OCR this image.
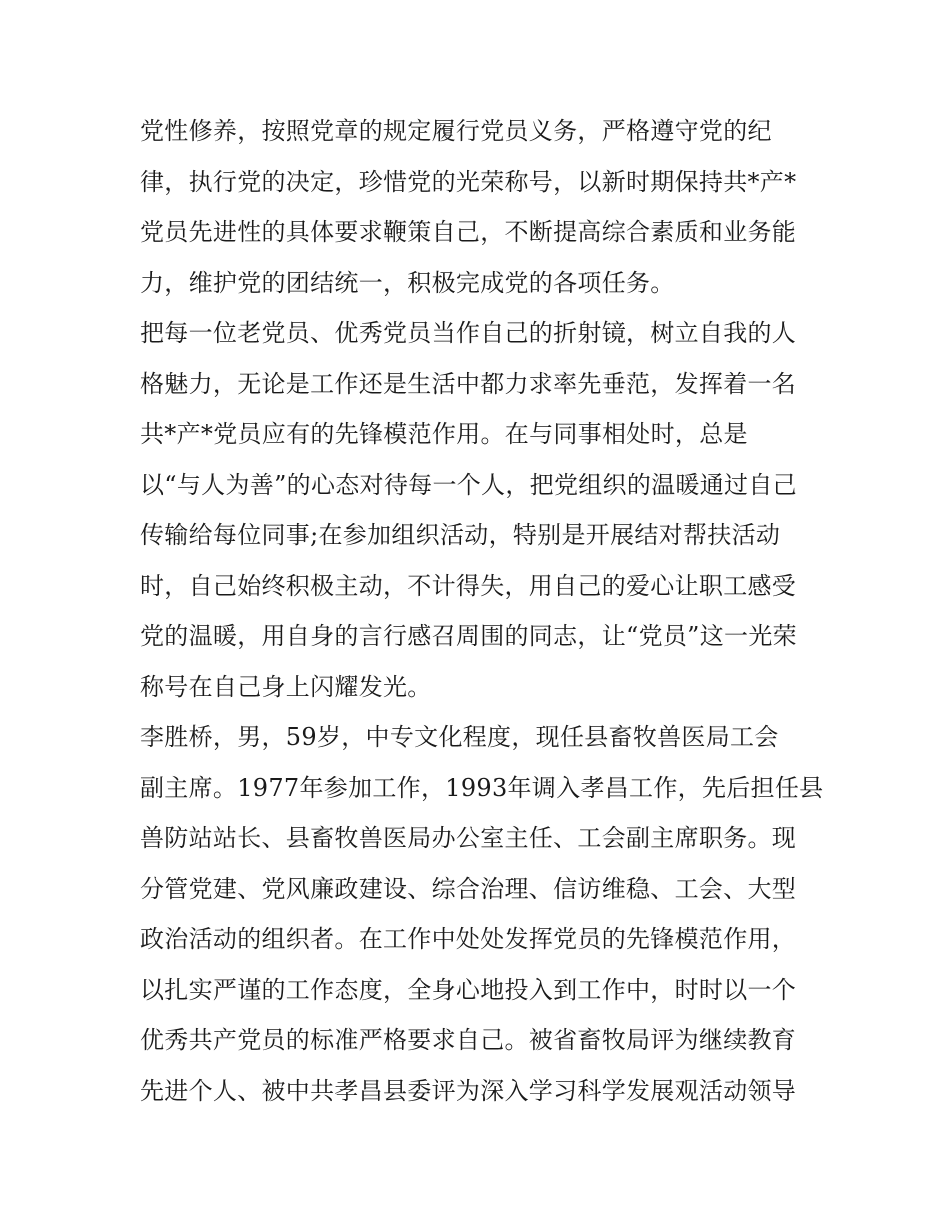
党性修养，按照党章的规定履行党员义务，严格遵守党的纪
律，执行党的决定，珍惜党的光荣称号，以新时期保持共*产*
党员先进性的具体要求鞭策自己，不断提高综合素质和业务能
力，维护党的团结统一，积极完成党的各项任务。
把每一位老党员、优秀党员当作自己的折射镜，树立自我的人
格魅力，无论是工作还是生活中都力求率先垂范，发挥着一名
共*产*党员应有的先锋模范作用。在与同事相处时，总是
以“与人为善”的心态对待每一个人，把党组织的温暖通过自己
传输给每位同事;在参加组织活动，特别是开展结对帮扶活动
时，自己始终积极主动，不计得失，用自己的爱心让职工感受
党的温暖，用自身的言行感召周围的同志，让“党员”这一光荣
称号在自己身上闪耀发光。
李胜桥，男，59岁，中专文化程度，现任县畜牧兽医局工会
副主席。1977年参加工作，1993年调入孝昌工作，先后担任县
兽防站站长、县畜牧兽医局办公室主任、工会副主席职务。现
分管党建、党风廉政建设、综合治理、信访维稳、工会、大型
政治活动的组织者。在工作中处处发挥党员的先锋模范作用，
以扎实严谨的工作态度，全身心地投入到工作中，时时以一个
优秀共产党员的标准严格要求自己。被省畜牧局评为继续教育
先进个人、被中共孝昌县委评为深入学习科学发展观活动领导
